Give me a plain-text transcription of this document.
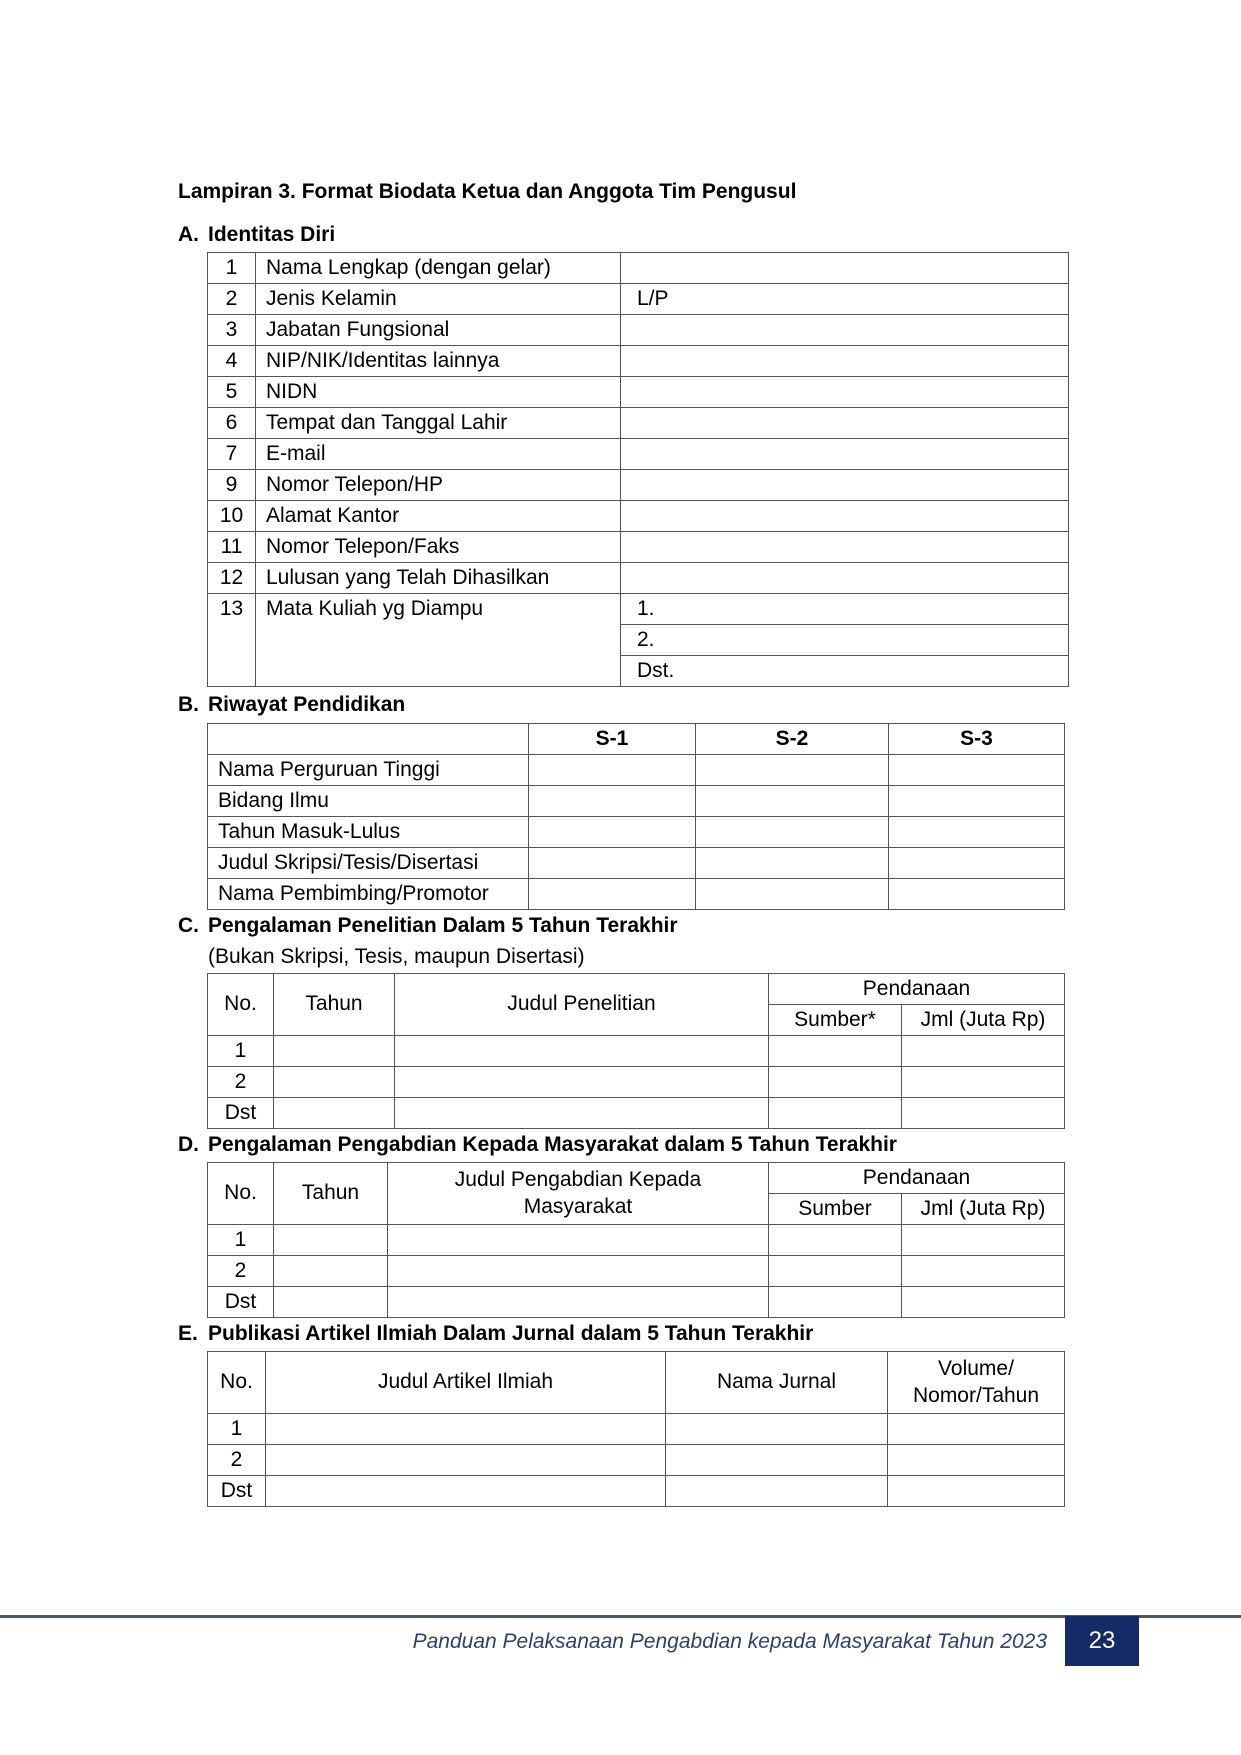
Lampiran 3. Format Biodata Ketua dan Anggota Tim Pengusul
A. Identitas Diri
1	Nama Lengkap (dengan gelar)	
2	Jenis Kelamin	L/P
3	Jabatan Fungsional	
4	NIP/NIK/Identitas lainnya	
5	NIDN	
6	Tempat dan Tanggal Lahir	
7	E-mail	
9	Nomor Telepon/HP	
10	Alamat Kantor	
11	Nomor Telepon/Faks	
12	Lulusan yang Telah Dihasilkan	
13	Mata Kuliah yg Diampu	1.
		2.
		Dst.
B. Riwayat Pendidikan
	S-1	S-2	S-3
Nama Perguruan Tinggi			
Bidang Ilmu			
Tahun Masuk-Lulus			
Judul Skripsi/Tesis/Disertasi			
Nama Pembimbing/Promotor			
C. Pengalaman Penelitian Dalam 5 Tahun Terakhir
(Bukan Skripsi, Tesis, maupun Disertasi)
No.	Tahun	Judul Penelitian	Pendanaan	
			Sumber*	Jml (Juta Rp)
1				
2				
Dst				
D. Pengalaman Pengabdian Kepada Masyarakat dalam 5 Tahun Terakhir
No.	Tahun	Judul Pengabdian Kepada
Masyarakat	Pendanaan	
			Sumber	Jml (Juta Rp)
1				
2				
Dst				
E. Publikasi Artikel Ilmiah Dalam Jurnal dalam 5 Tahun Terakhir
No.	Judul Artikel Ilmiah	Nama Jurnal	Volume/
Nomor/Tahun

1			
2			
Dst			
Panduan Pelaksanaan Pengabdian kepada Masyarakat Tahun 2023	23
